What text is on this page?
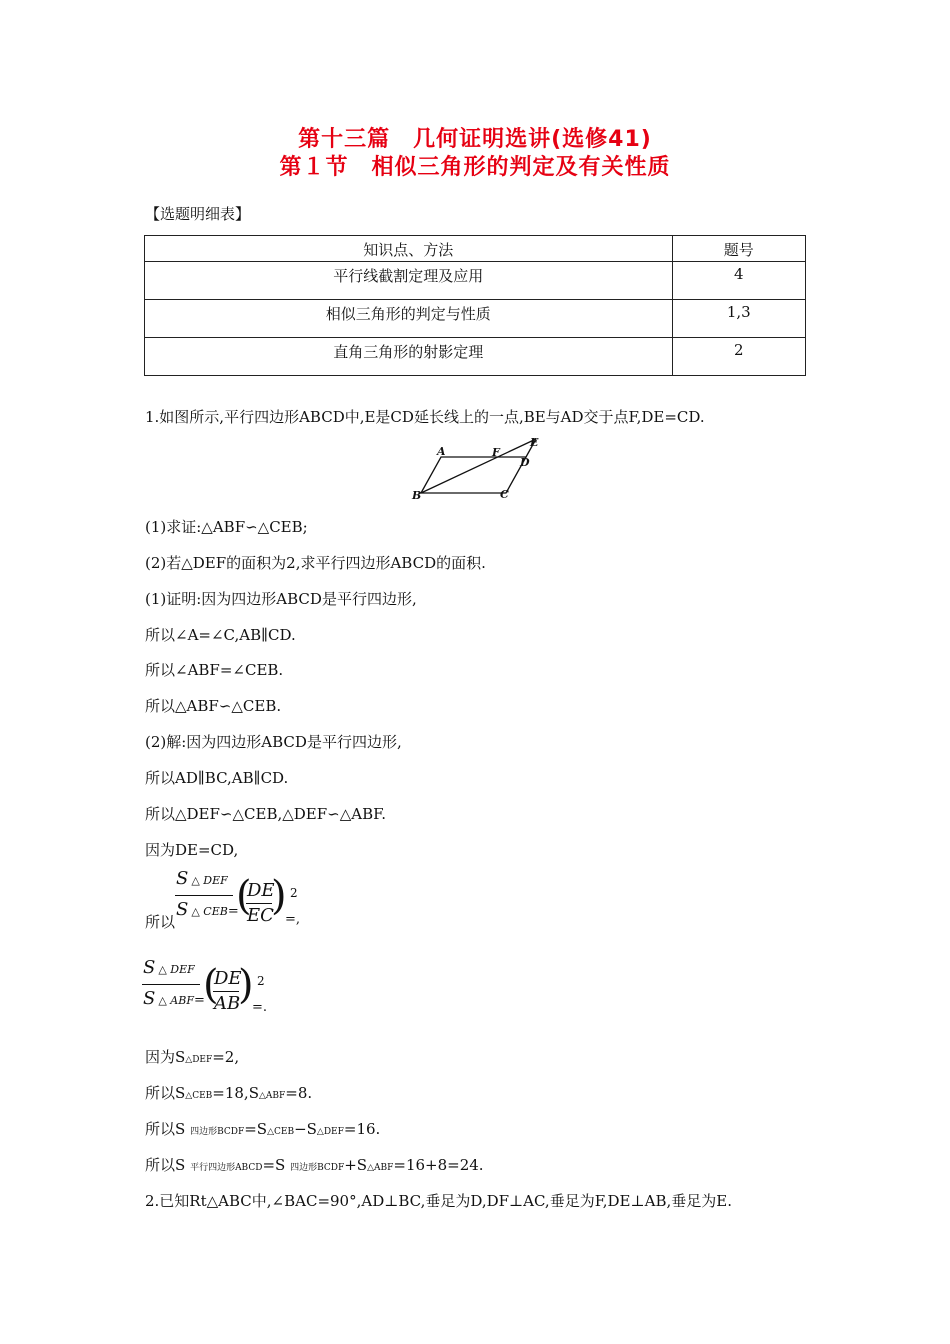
第十三篇　几何证明选讲(选修41)
第１节　相似三角形的判定及有关性质
【选题明细表】
知识点、方法	题号
平行线截割定理及应用	4
相似三角形的判定与性质	1,3
直角三角形的射影定理	2
1.如图所示,平行四边形ABCD中,E是CD延长线上的一点,BE与AD交于点F,DE=CD.
A
B	C
D
E
F
(1)求证:△ABF∽△CEB;
(2)若△DEF的面积为2,求平行四边形ABCD的面积.
(1)证明:因为四边形ABCD是平行四边形,
所以∠A=∠C,AB∥CD.
所以∠ABF=∠CEB.
所以△ABF∽△CEB.
(2)解:因为四边形ABCD是平行四边形,
所以AD∥BC,AB∥CD.
所以△DEF∽△CEB,△DEF∽△ABF.
因为DE=CD,
所以
S △ DEF
S △ CEB=
(
DE
EC
) 2
=,
S △ DEF
S △ ABF=
(
DE
AB
) 2
=.
因为S△DEF=2,
所以S△CEB=18,S△ABF=8.
所以S 四边形BCDF=S△CEB−S△DEF=16.
所以S 平行四边形ABCD=S 四边形BCDF+S△ABF=16+8=24.
2.已知Rt△ABC中,∠BAC=90°,AD⊥BC,垂足为D,DF⊥AC,垂足为F,DE⊥AB,垂足为E.
